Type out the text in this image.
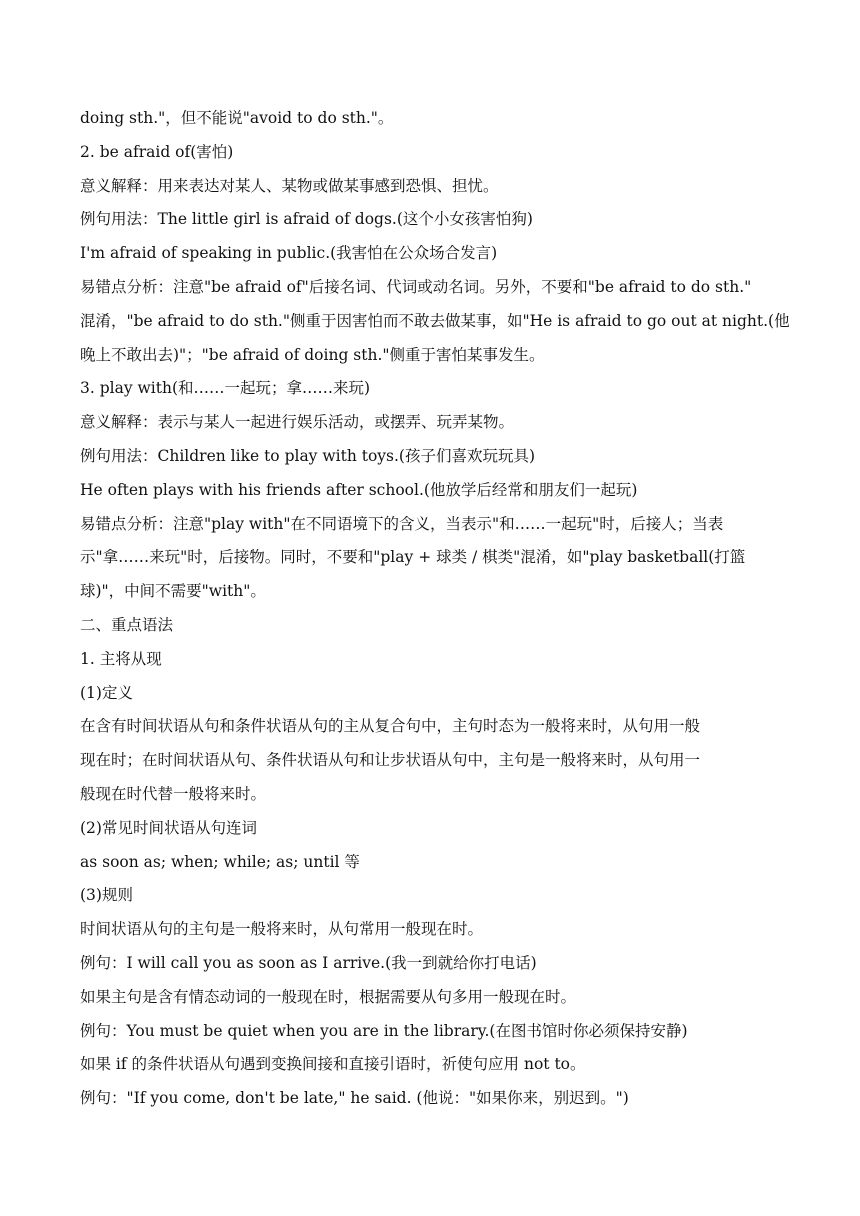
doing sth."，但不能说"avoid to do sth."。
2. be afraid of(害怕)
意义解释：用来表达对某人、某物或做某事感到恐惧、担忧。
例句用法：The little girl is afraid of dogs.(这个小女孩害怕狗)
I'm afraid of speaking in public.(我害怕在公众场合发言)
易错点分析：注意"be afraid of"后接名词、代词或动名词。另外，不要和"be afraid to do sth."
混淆，"be afraid to do sth."侧重于因害怕而不敢去做某事，如"He is afraid to go out at night.(他
晚上不敢出去)"；"be afraid of doing sth."侧重于害怕某事发生。
3. play with(和……一起玩；拿……来玩)
意义解释：表示与某人一起进行娱乐活动，或摆弄、玩弄某物。
例句用法：Children like to play with toys.(孩子们喜欢玩玩具)
He often plays with his friends after school.(他放学后经常和朋友们一起玩)
易错点分析：注意"play with"在不同语境下的含义，当表示"和……一起玩"时，后接人；当表
示"拿……来玩"时，后接物。同时，不要和"play + 球类 / 棋类"混淆，如"play basketball(打篮
球)"，中间不需要"with"。
二、重点语法
1. 主将从现
(1)定义
在含有时间状语从句和条件状语从句的主从复合句中，主句时态为一般将来时，从句用一般
现在时；在时间状语从句、条件状语从句和让步状语从句中，主句是一般将来时，从句用一
般现在时代替一般将来时。
(2)常见时间状语从句连词
as soon as; when; while; as; until 等
(3)规则
时间状语从句的主句是一般将来时，从句常用一般现在时。
例句：I will call you as soon as I arrive.(我一到就给你打电话)
如果主句是含有情态动词的一般现在时，根据需要从句多用一般现在时。
例句：You must be quiet when you are in the library.(在图书馆时你必须保持安静)
如果 if 的条件状语从句遇到变换间接和直接引语时，祈使句应用 not to。
例句："If you come, don't be late," he said. (他说："如果你来，别迟到。")
